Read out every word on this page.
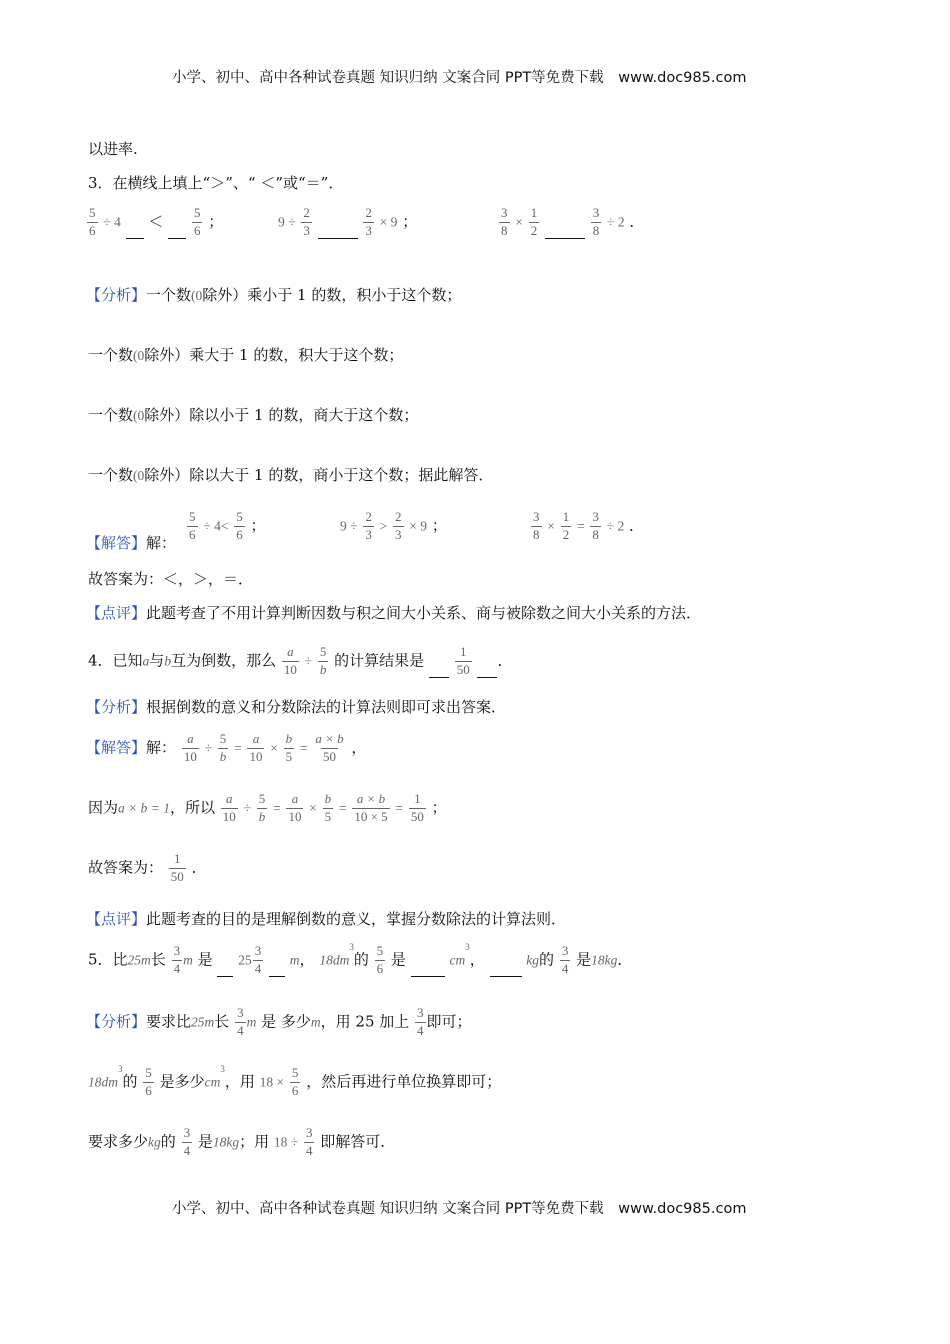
小学、初中、高中各种试卷真题 知识归纳 文案合同 PPT等免费下载 www.doc985.com
以进率.
3．在横线上填上“＞”、“ ＜”或“＝”．
$\frac{5}{6} \div 4 < \frac{5}{6}$ ；	$9 \div \frac{2}{3}$
	$\frac{2}{3} \times 9$ ；	$\frac{3}{8} \times \frac{1}{2}$
	$\frac{3}{8} \div 2$ ．
【分析】一个数(0除外）乘小于 1 的数，积小于这个数；
一个数(0除外）乘大于 1 的数，积大于这个数；
一个数(0除外）除以小于 1 的数，商大于这个数；
一个数(0除外）除以大于 1 的数，商小于这个数；据此解答．
【解答】解：
$\frac{5}{6} \div 4< \frac{5}{6}$ ；	$9 \div \frac{2}{3} > \frac{2}{3} \times 9$ ；	$\frac{3}{8} \times \frac{1}{2} = \frac{3}{8} \div 2$ ．
故答案为：＜，＞，＝．
【点评】此题考查了不用计算判断因数与积之间大小关系、商与被除数之间大小关系的方法．
4．已知a与b互为倒数，那么 $\frac{a}{10} \div \frac{5}{b}$ 的计算结果是 $\frac{1}{50}$ ．
【分析】根据倒数的意义和分数除法的计算法则即可求出答案．
【解答】解： $\frac{a}{10} \div \frac{5}{b} = \frac{a}{10} \times \frac{b}{5} = \frac{a \times b}{50}$ ，
因为a × b = 1，所以 $\frac{a}{10} \div \frac{5}{b} = \frac{a}{10} \times \frac{b}{5} = \frac{a \times b}{10 \times 5} = \frac{1}{50}$ ；
故答案为： $\frac{1}{50}$ ．
【点评】此题考查的目的是理解倒数的意义，掌握分数除法的计算法则．
5．比25m长 $\frac{3}{4}$ m 是 $25 \frac{3}{4}$ m， $18dm^3$的 $\frac{5}{6}$ 是	$cm^3$，	kg的 $\frac{3}{4}$ 是18kg．
【分析】要求比25m长 $\frac{3}{4}$ m 是 多少m，用 25 加上 $\frac{3}{4}$ 即可；
$18dm^3$的 $\frac{5}{6}$ 是多少$cm^3$，用 $18 \times \frac{5}{6}$ ，然后再进行单位换算即可；
要求多少kg的 $\frac{3}{4}$ 是18kg；用 $18 \div \frac{3}{4}$ 即解答可．
小学、初中、高中各种试卷真题 知识归纳 文案合同 PPT等免费下载 www.doc985.com
